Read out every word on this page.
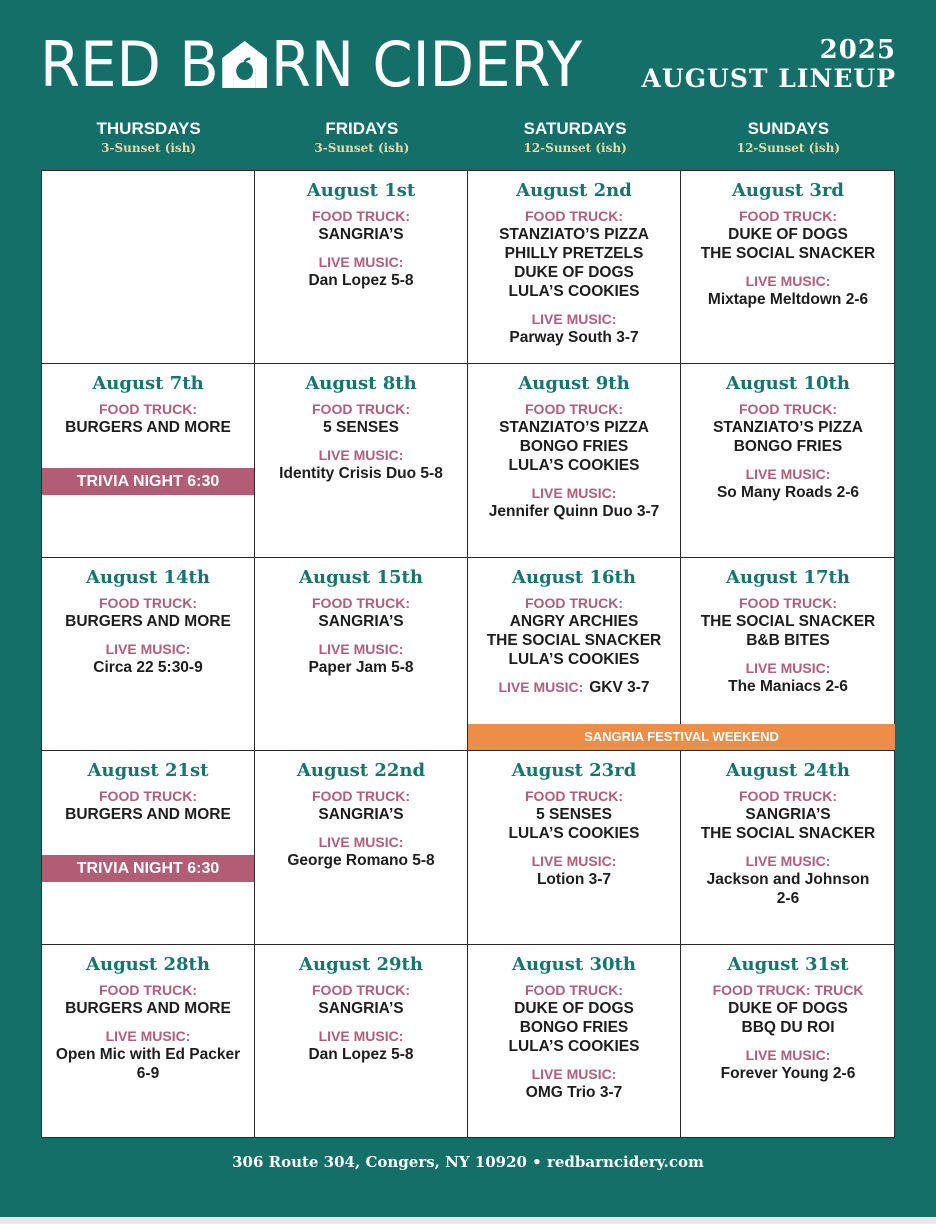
RED B RN CIDERY	2025
AUGUST LINEUP
THURSDAYS
3-Sunset (ish)
FRIDAYS
3-Sunset (ish)
SATURDAYS
12-Sunset (ish)
SUNDAYS
12-Sunset (ish)
August 1st
FOOD TRUCK:
SANGRIA’S
LIVE MUSIC:
Dan Lopez 5-8
August 2nd
FOOD TRUCK:
STANZIATO’S PIZZA
PHILLY PRETZELS
DUKE OF DOGS
LULA’S COOKIES
LIVE MUSIC:
Parway South 3-7
August 3rd
FOOD TRUCK:
DUKE OF DOGS
THE SOCIAL SNACKER
LIVE MUSIC:
Mixtape Meltdown 2-6
August 7th
FOOD TRUCK:
BURGERS AND MORE
August 8th
FOOD TRUCK:
5 SENSES
LIVE MUSIC:
Identity Crisis Duo 5-8
August 9th
FOOD TRUCK:
STANZIATO’S PIZZA
BONGO FRIES
LULA’S COOKIES
LIVE MUSIC:
Jennifer Quinn Duo 3-7
August 10th
FOOD TRUCK:
STANZIATO’S PIZZA
BONGO FRIES
LIVE MUSIC:
So Many Roads 2-6
August 14th
FOOD TRUCK:
BURGERS AND MORE
LIVE MUSIC:
Circa 22 5:30-9
August 15th
FOOD TRUCK:
SANGRIA’S
LIVE MUSIC:
Paper Jam 5-8
August 16th
FOOD TRUCK:
ANGRY ARCHIES
THE SOCIAL SNACKER
LULA’S COOKIES
LIVE MUSIC: GKV 3-7
August 17th
FOOD TRUCK:
THE SOCIAL SNACKER
B&B BITES
LIVE MUSIC:
The Maniacs 2-6
August 21st
FOOD TRUCK:
BURGERS AND MORE
August 22nd
FOOD TRUCK:
SANGRIA’S
LIVE MUSIC:
George Romano 5-8
August 23rd
FOOD TRUCK:
5 SENSES
LULA’S COOKIES
LIVE MUSIC:
Lotion 3-7
August 24th
FOOD TRUCK:
SANGRIA’S
THE SOCIAL SNACKER
LIVE MUSIC:
Jackson and Johnson
2-6
August 28th
FOOD TRUCK:
BURGERS AND MORE
LIVE MUSIC:
Open Mic with Ed Packer
6-9
August 29th
FOOD TRUCK:
SANGRIA’S
LIVE MUSIC:
Dan Lopez 5-8
August 30th
FOOD TRUCK:
DUKE OF DOGS
BONGO FRIES
LULA’S COOKIES
LIVE MUSIC:
OMG Trio 3-7
August 31st
FOOD TRUCK: TRUCK
DUKE OF DOGS
BBQ DU ROI
LIVE MUSIC:
Forever Young 2-6
TRIVIA NIGHT 6:30
TRIVIA NIGHT 6:30
SANGRIA FESTIVAL WEEKEND
306 Route 304, Congers, NY 10920 • redbarncidery.com
